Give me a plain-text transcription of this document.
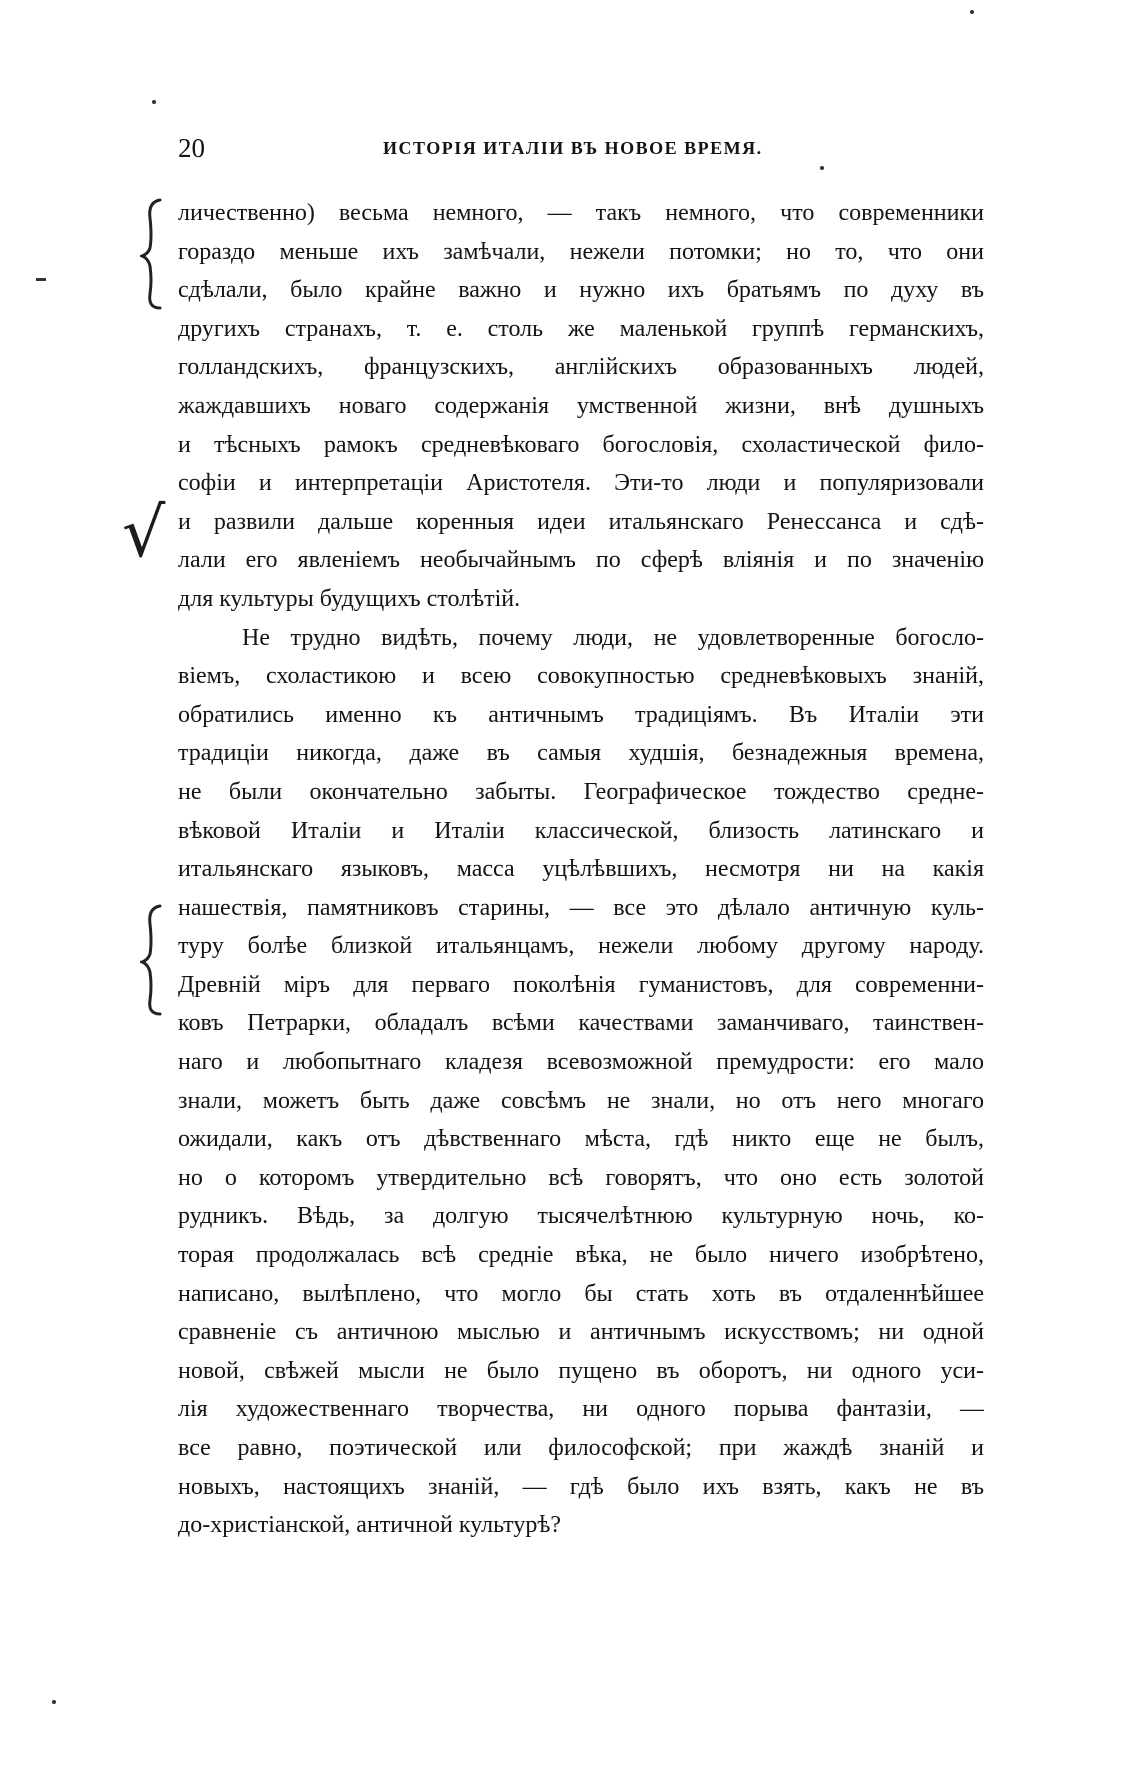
20	ИСТОРІЯ ИТАЛІИ ВЪ НОВОЕ ВРЕМЯ.
личественно) весьма немного, — такъ немного, что современники
гораздо меньше ихъ замѣчали, нежели потомки; но то, что они
сдѣлали, было крайне важно и нужно ихъ братьямъ по духу въ
другихъ странахъ, т. е. столь же маленькой группѣ германскихъ,
голландскихъ, французскихъ, англійскихъ образованныхъ людей,
жаждавшихъ новаго содержанія умственной жизни, внѣ душныхъ
и тѣсныхъ рамокъ средневѣковаго богословія, схоластической фило-
софіи и интерпретаціи Аристотеля. Эти-то люди и популяризовали
и развили дальше коренныя идеи итальянскаго Ренессанса и сдѣ-
лали его явленіемъ необычайнымъ по сферѣ вліянія и по значенію
для культуры будущихъ столѣтій.
Не трудно видѣть, почему люди, не удовлетворенные богосло-
віемъ, схоластикою и всею совокупностью средневѣковыхъ знаній,
обратились именно къ античнымъ традиціямъ. Въ Италіи эти
традиціи никогда, даже въ самыя худшія, безнадежныя времена,
не были окончательно забыты. Географическое тождество средне-
вѣковой Италіи и Италіи классической, близость латинскаго и
итальянскаго языковъ, масса уцѣлѣвшихъ, несмотря ни на какія
нашествія, памятниковъ старины, — все это дѣлало античную куль-
туру болѣе близкой итальянцамъ, нежели любому другому народу.
Древній міръ для перваго поколѣнія гуманистовъ, для современни-
ковъ Петрарки, обладалъ всѣми качествами заманчиваго, таинствен-
наго и любопытнаго кладезя всевозможной премудрости: его мало
знали, можетъ быть даже совсѣмъ не знали, но отъ него многаго
ожидали, какъ отъ дѣвственнаго мѣста, гдѣ никто еще не былъ,
но о которомъ утвердительно всѣ говорятъ, что оно есть золотой
рудникъ. Вѣдь, за долгую тысячелѣтнюю культурную ночь, ко-
торая продолжалась всѣ средніе вѣка, не было ничего изобрѣтено,
написано, вылѣплено, что могло бы стать хоть въ отдаленнѣйшее
сравненіе съ античною мыслью и античнымъ искусствомъ; ни одной
новой, свѣжей мысли не было пущено въ оборотъ, ни одного уси-
лія художественнаго творчества, ни одного порыва фантазіи, —
все равно, поэтической или философской; при жаждѣ знаній и
новыхъ, настоящихъ знаній, — гдѣ было ихъ взять, какъ не въ
до-христіанской, античной культурѣ?
√
